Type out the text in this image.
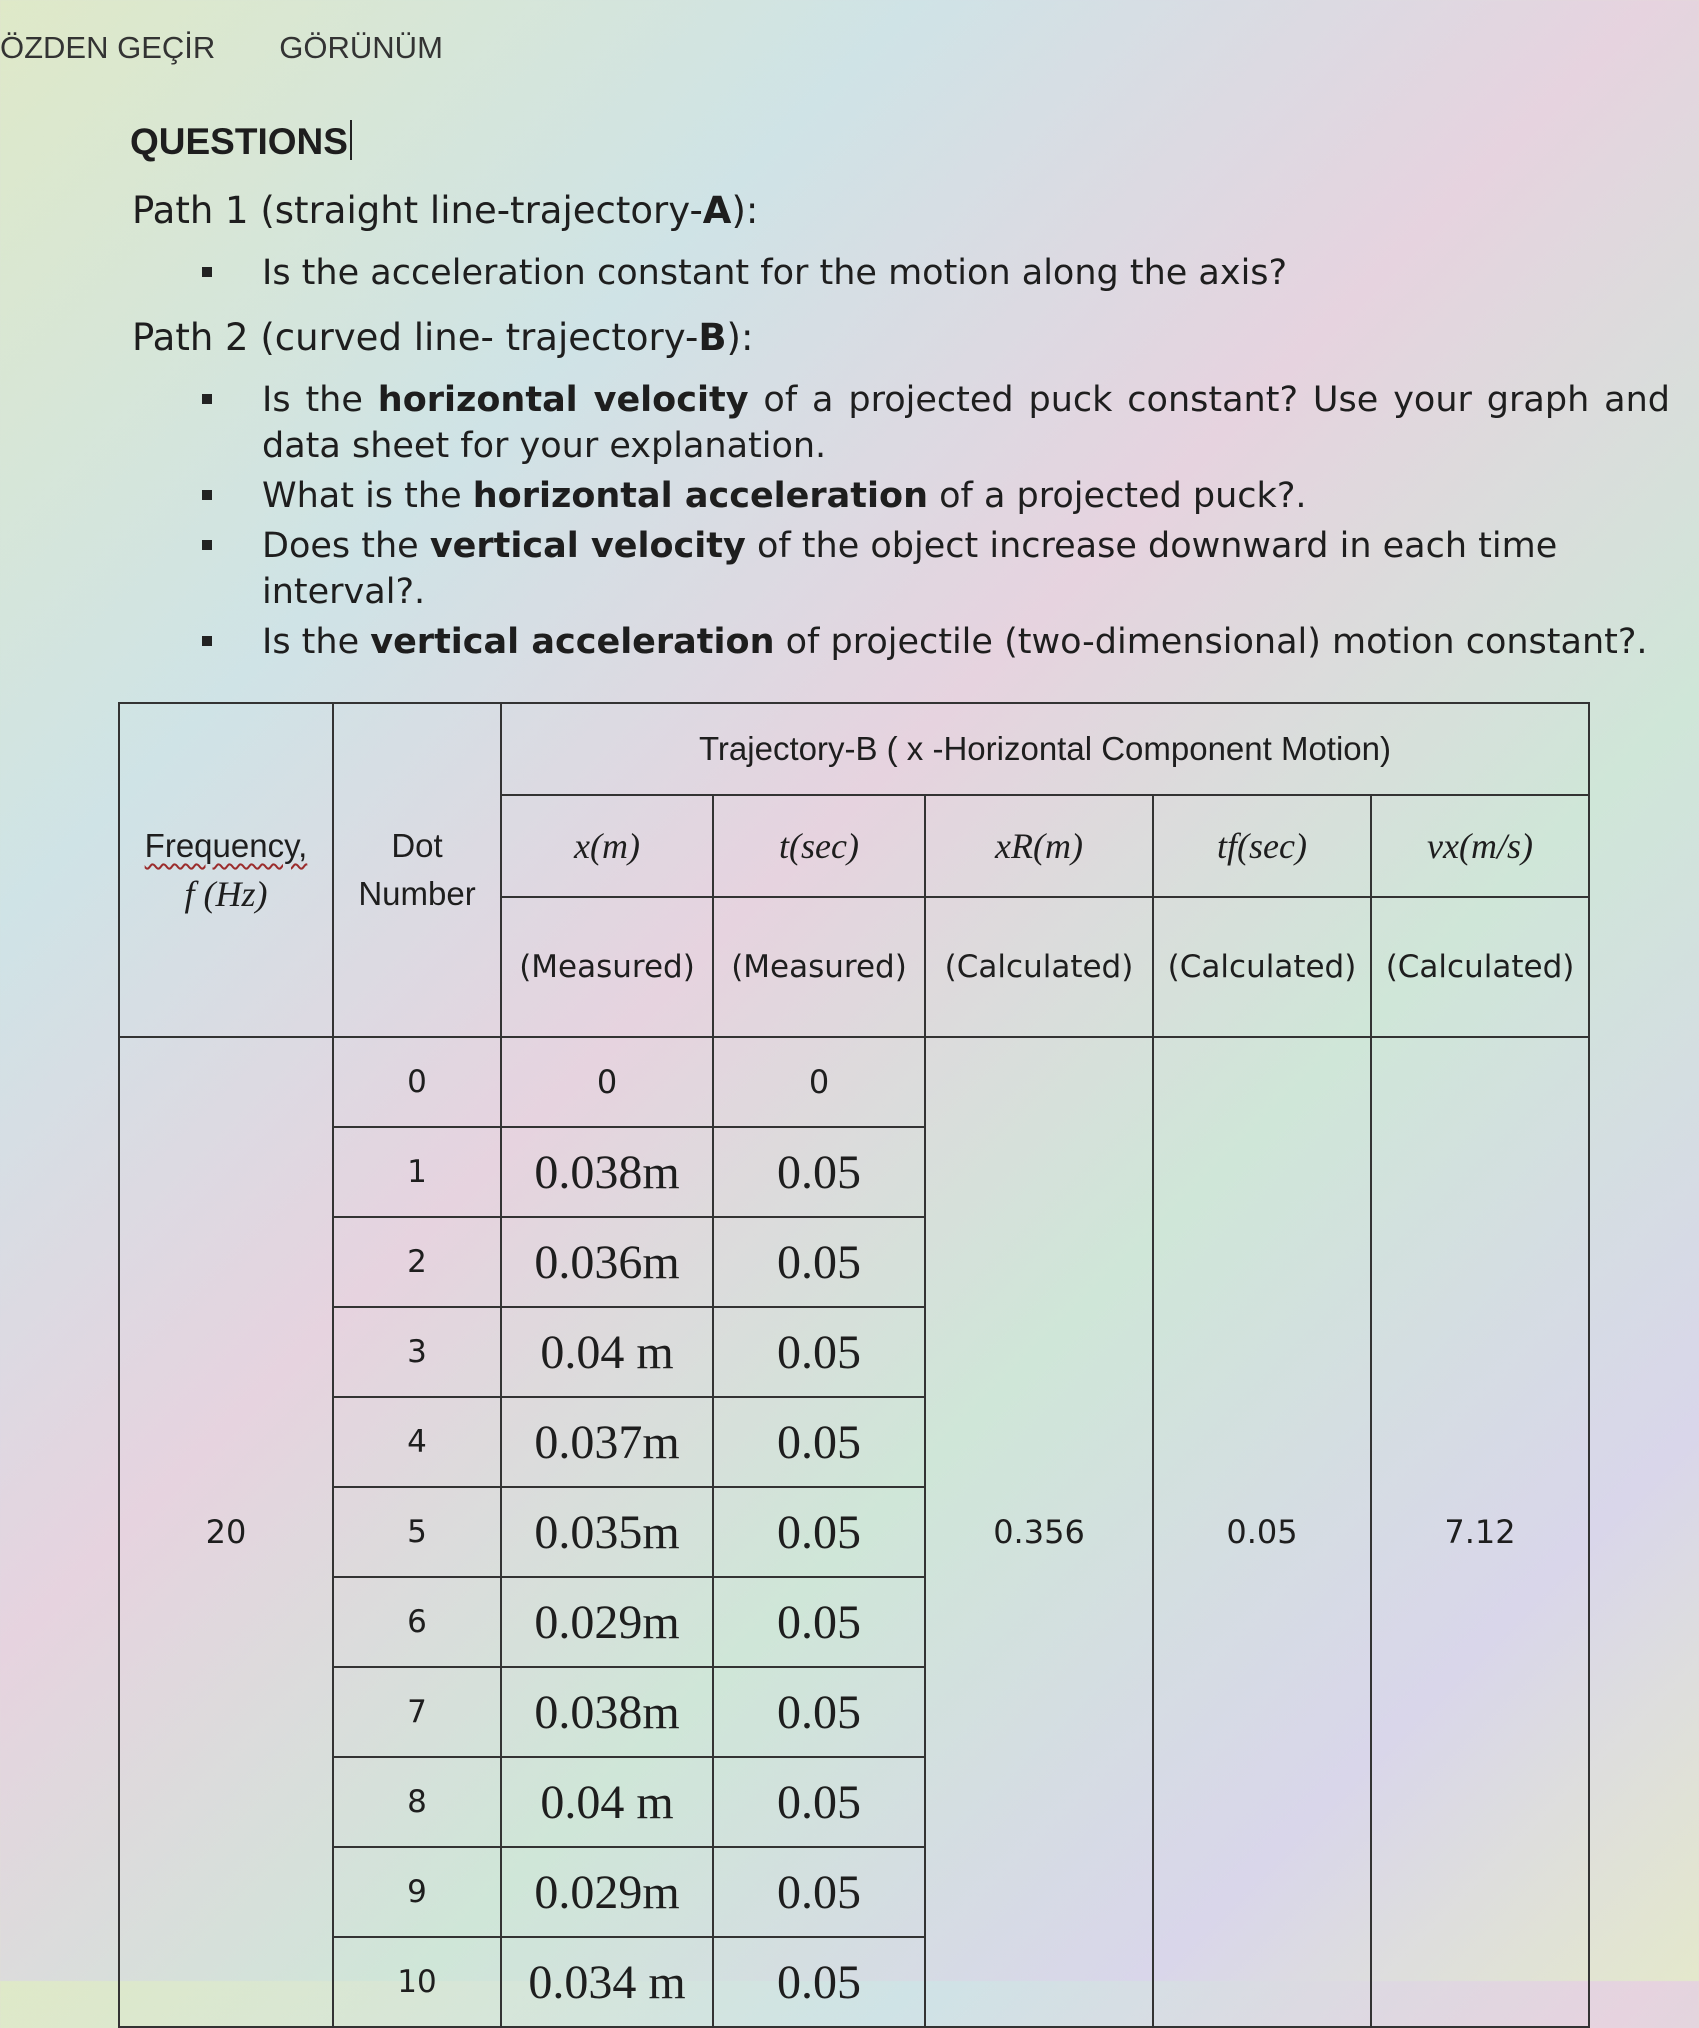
ÖZDEN GEÇİR GÖRÜNÜM
QUESTIONS
Path 1 (straight line-trajectory-A):
Is the acceleration constant for the motion along the axis?
Path 2 (curved line- trajectory-B):
Is the horizontal velocity of a projected puck constant? Use your graph and data sheet for your explanation.
What is the horizontal acceleration of a projected puck?.
Does the vertical velocity of the object increase downward in each time interval?.
Is the vertical acceleration of projectile (two-dimensional) motion constant?.
Frequency,
f (Hz)	Dot Number	Trajectory-B ( x -Horizontal Component Motion)				
		x(m)	t(sec)	xR(m)	tf(sec)	vx(m/s)
		(Measured)	(Measured)	(Calculated)	(Calculated)	(Calculated)
20	0	0	0	0.356	0.05	7.12
	1	0.038m	0.05			
	2	0.036m	0.05			
	3	0.04 m	0.05			
	4	0.037m	0.05			
	5	0.035m	0.05			
	6	0.029m	0.05			
	7	0.038m	0.05			
	8	0.04 m	0.05			
	9	0.029m	0.05			
	10	0.034 m	0.05			
